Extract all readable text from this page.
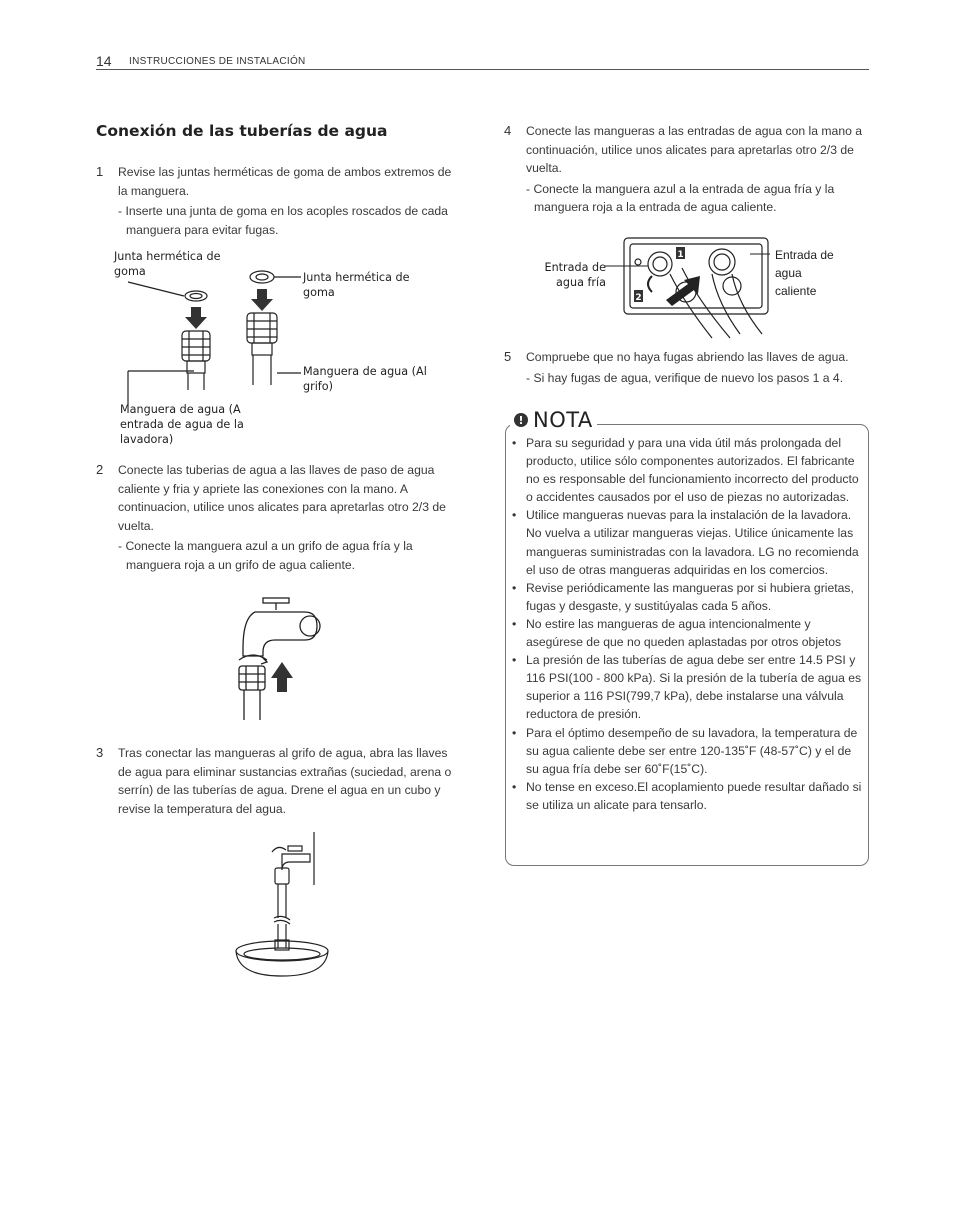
14 INSTRUCCIONES DE INSTALACIÓN
Conexión de las tuberías de agua
1 Revise las juntas herméticas de goma de ambos extremos de la manguera.
- Inserte una junta de goma en los acoples roscados de cada manguera para evitar fugas.
Junta hermética de goma	Junta hermética de goma
Manguera de agua (Al grifo)
Manguera de agua (A entrada de agua de la lavadora)
2 Conecte las tuberias de agua a las llaves de paso de agua caliente y fria y apriete las conexiones con la mano. A continuacion, utilice unos alicates para apretarlas otro 2/3 de vuelta.
- Conecte la manguera azul a un grifo de agua fría y la manguera roja a un grifo de agua caliente.
3 Tras conectar las mangueras al grifo de agua, abra las llaves de agua para eliminar sustancias extrañas (suciedad, arena o serrín) de las tuberías de agua. Drene el agua en un cubo y revise la temperatura del agua.
4 Conecte las mangueras a las entradas de agua con la mano a continuación, utilice unos alicates para apretarlas otro 2/3 de vuelta.
- Conecte la manguera azul a la entrada de agua fría y la manguera roja a la entrada de agua caliente.
1
2
Entrada de agua fría
Entrada de agua caliente
5 Compruebe que no haya fugas abriendo las llaves de agua.
- Si hay fugas de agua, verifique de nuevo los pasos 1 a 4.
! NOTA
• Para su seguridad y para una vida útil más prolongada del producto, utilice sólo componentes autorizados. El fabricante no es responsable del funcionamiento incorrecto del producto o accidentes causados por el uso de piezas no autorizadas.
• Utilice mangueras nuevas para la instalación de la lavadora. No vuelva a utilizar mangueras viejas. Utilice únicamente las mangueras suministradas con la lavadora. LG no recomienda el uso de otras mangueras adquiridas en los comercios.
• Revise periódicamente las mangueras por si hubiera grietas, fugas y desgaste, y sustitúyalas cada 5 años.
• No estire las mangueras de agua intencionalmente y asegúrese de que no queden aplastadas por otros objetos
• La presión de las tuberías de agua debe ser entre 14.5 PSI y 116 PSI(100 - 800 kPa). Si la presión de la tubería de agua es superior a 116 PSI(799,7 kPa), debe instalarse una válvula reductora de presión.
• Para el óptimo desempeño de su lavadora, la temperatura de su agua caliente debe ser entre 120-135˚F (48-57˚C) y el de su agua fría debe ser 60˚F(15˚C).
• No tense en exceso.El acoplamiento puede resultar dañado si se utiliza un alicate para tensarlo.
